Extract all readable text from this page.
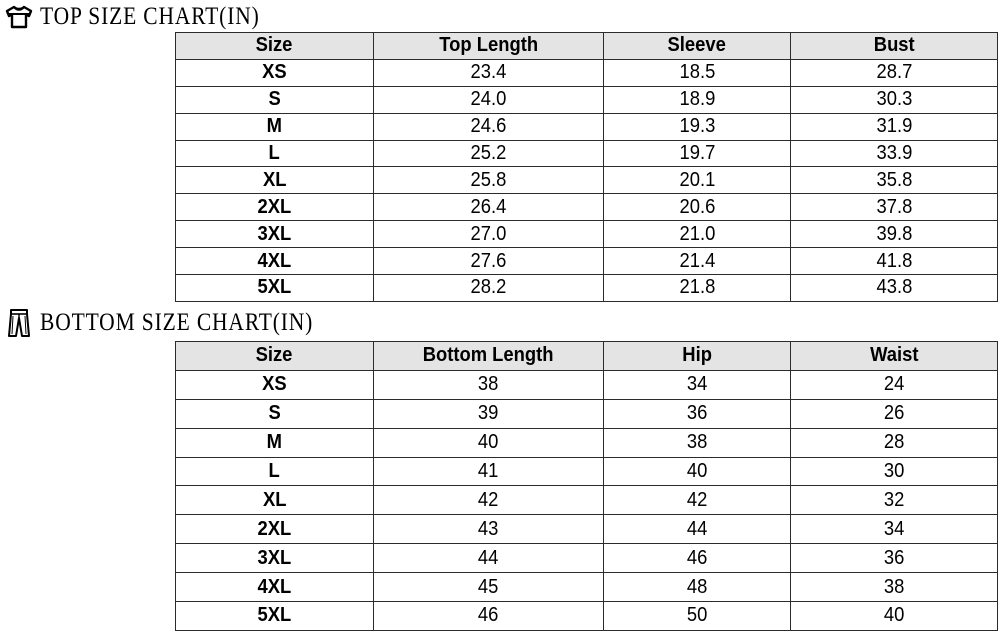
TOP SIZE CHART(IN)
Size	Top Length	Sleeve	Bust
XS	23.4	18.5	28.7
S	24.0	18.9	30.3
M	24.6	19.3	31.9
L	25.2	19.7	33.9
XL	25.8	20.1	35.8
2XL	26.4	20.6	37.8
3XL	27.0	21.0	39.8
4XL	27.6	21.4	41.8
5XL	28.2	21.8	43.8
BOTTOM SIZE CHART(IN)
Size	Bottom Length	Hip	Waist
XS	38	34	24
S	39	36	26
M	40	38	28
L	41	40	30
XL	42	42	32
2XL	43	44	34
3XL	44	46	36
4XL	45	48	38
5XL	46	50	40
